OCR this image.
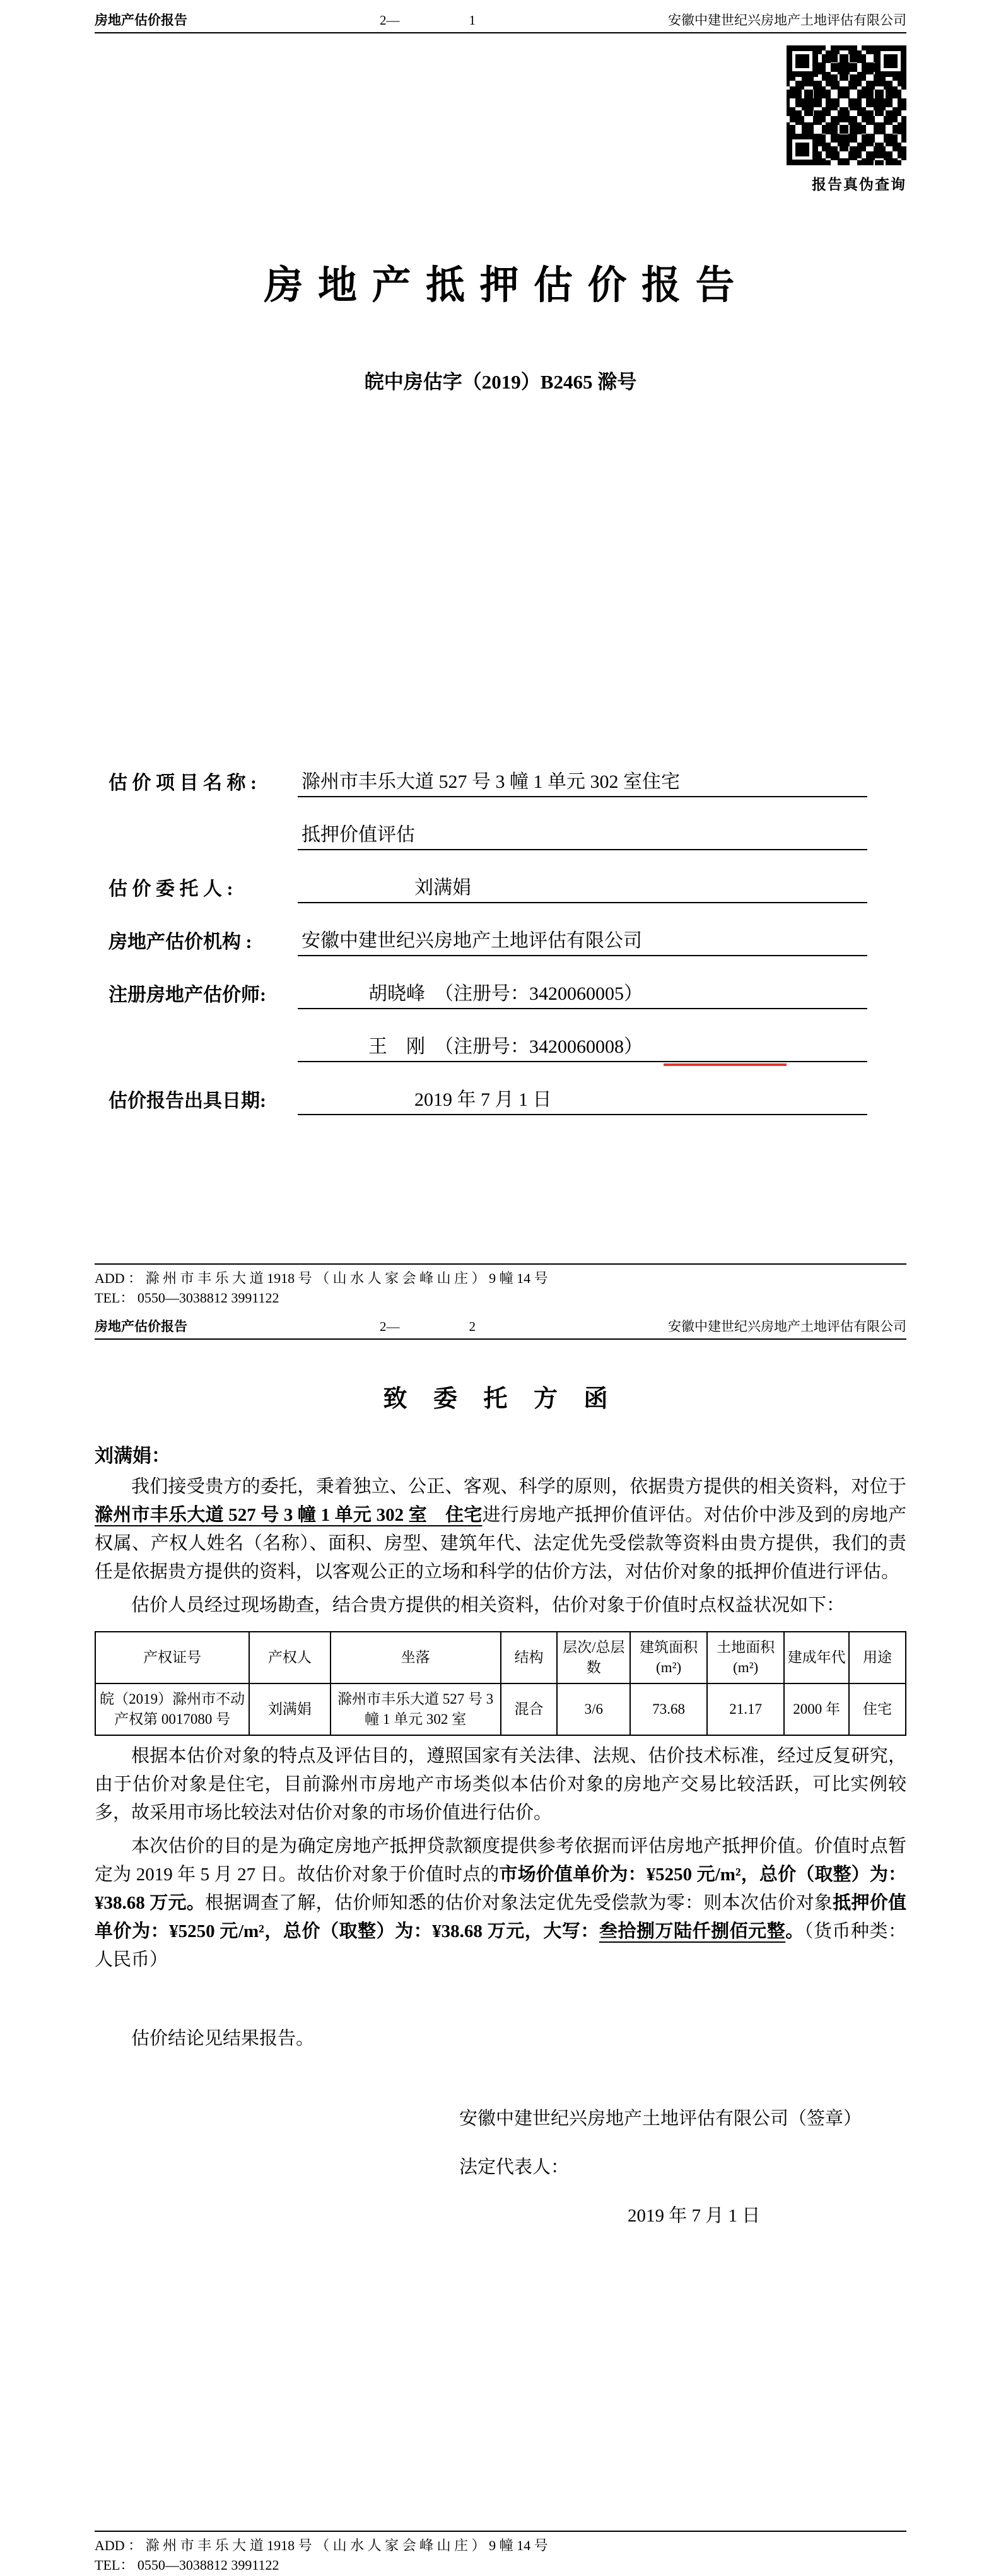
房地产估价报告	2—	1	安徽中建世纪兴房地产土地评估有限公司
报告真伪查询
房 地 产 抵 押 估 价 报 告
皖中房估字（2019）B2465 滁号
估 价 项 目 名 称 :	滁州市丰乐大道 527 号 3 幢 1 单元 302 室住宅
抵押价值评估
估 价 委 托 人 :	刘满娟
房地产估价机构 :	安徽中建世纪兴房地产土地评估有限公司
注册房地产估价师:	胡晓峰　（注册号：3420060005）
王　刚　（注册号：3420060008）
估价报告出具日期:	2019 年 7 月 1 日
ADD ： 滁 州 市 丰 乐 大 道 1918 号 （ 山 水 人 家 会 峰 山 庄 ） 9 幢 14 号
TEL： 0550—3038812 3991122
房地产估价报告	2—	2	安徽中建世纪兴房地产土地评估有限公司
致 委 托 方 函
刘满娟：

我们接受贵方的委托，秉着独立、公正、客观、科学的原则，依据贵方提供的相关资料，对位于滁州市丰乐大道 527 号 3 幢 1 单元 302 室　住宅进行房地产抵押价值评估。对估价中涉及到的房地产权属、产权人姓名（名称）、面积、房型、建筑年代、法定优先受偿款等资料由贵方提供，我们的责任是依据贵方提供的资料，以客观公正的立场和科学的估价方法，对估价对象的抵押价值进行评估。

估价人员经过现场勘查，结合贵方提供的相关资料，估价对象于价值时点权益状况如下：

产权证号	产权人	坐落	结构	层次/总层数	建筑面积(m²)	土地面积(m²)	建成年代	用途
皖（2019）滁州市不动产权第 0017080 号	刘满娟	滁州市丰乐大道 527 号 3 幢 1 单元 302 室	混合	3/6	73.68	21.17	2000 年	住宅

根据本估价对象的特点及评估目的，遵照国家有关法律、法规、估价技术标准，经过反复研究，由于估价对象是住宅，目前滁州市房地产市场类似本估价对象的房地产交易比较活跃，可比实例较多，故采用市场比较法对估价对象的市场价值进行估价。

本次估价的目的是为确定房地产抵押贷款额度提供参考依据而评估房地产抵押价值。价值时点暂定为 2019 年 5 月 27 日。故估价对象于价值时点的市场价值单价为：¥5250 元/m²，总价（取整）为：¥38.68 万元。根据调查了解，估价师知悉的估价对象法定优先受偿款为零：则本次估价对象抵押价值单价为：¥5250 元/m²，总价（取整）为：¥38.68 万元，大写：叁拾捌万陆仟捌佰元整。（货币种类：人民币）

估价结论见结果报告。

安徽中建世纪兴房地产土地评估有限公司（签章）
法定代表人：
2019 年 7 月 1 日
ADD ： 滁 州 市 丰 乐 大 道 1918 号 （ 山 水 人 家 会 峰 山 庄 ） 9 幢 14 号
TEL： 0550—3038812 3991122
